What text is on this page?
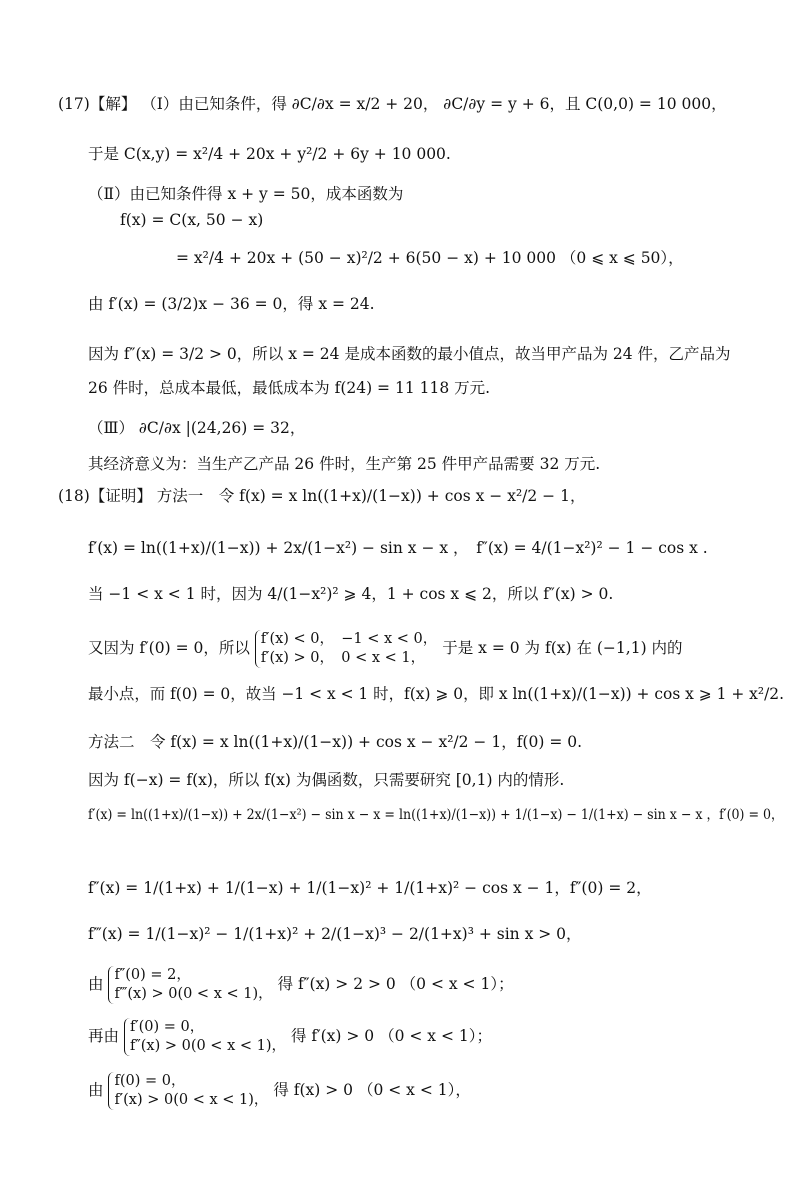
(17)【解】 （Ⅰ）由已知条件，得 ∂C/∂x = x/2 + 20， ∂C/∂y = y + 6，且 C(0,0) = 10 000，
于是 C(x,y) = x²/4 + 20x + y²/2 + 6y + 10 000.
（Ⅱ）由已知条件得 x + y = 50，成本函数为
f(x) = C(x, 50 − x)
= x²/4 + 20x + (50 − x)²/2 + 6(50 − x) + 10 000 （0 ⩽ x ⩽ 50），
由 f′(x) = (3/2)x − 36 = 0，得 x = 24.
因为 f″(x) = 3/2 > 0，所以 x = 24 是成本函数的最小值点，故当甲产品为 24 件，乙产品为
26 件时，总成本最低，最低成本为 f(24) = 11 118 万元.
（Ⅲ） ∂C/∂x |(24,26) = 32，
其经济意义为：当生产乙产品 26 件时，生产第 25 件甲产品需要 32 万元.
(18)【证明】 方法一　令 f(x) = x ln((1+x)/(1−x)) + cos x − x²/2 − 1，
f′(x) = ln((1+x)/(1−x)) + 2x/(1−x²) − sin x − x ，　f″(x) = 4/(1−x²)² − 1 − cos x .
当 −1 < x < 1 时，因为 4/(1−x²)² ⩾ 4，1 + cos x ⩽ 2，所以 f″(x) > 0.
又因为 f′(0) = 0，所以 f′(x) < 0，　−1 < x < 0，
f′(x) > 0，　0 < x < 1，
于是 x = 0 为 f(x) 在 (−1,1) 内的
最小点，而 f(0) = 0，故当 −1 < x < 1 时，f(x) ⩾ 0，即 x ln((1+x)/(1−x)) + cos x ⩾ 1 + x²/2.
方法二　令 f(x) = x ln((1+x)/(1−x)) + cos x − x²/2 − 1，f(0) = 0.
因为 f(−x) = f(x)，所以 f(x) 为偶函数，只需要研究 [0,1) 内的情形.
f′(x) = ln((1+x)/(1−x)) + 2x/(1−x²) − sin x − x = ln((1+x)/(1−x)) + 1/(1−x) − 1/(1+x) − sin x − x ，f′(0) = 0，
f″(x) = 1/(1+x) + 1/(1−x) + 1/(1−x)² + 1/(1+x)² − cos x − 1，f″(0) = 2，
f‴(x) = 1/(1−x)² − 1/(1+x)² + 2/(1−x)³ − 2/(1+x)³ + sin x > 0，
由 f″(0) = 2，
f‴(x) > 0(0 < x < 1)，
得 f″(x) > 2 > 0 （0 < x < 1）；
再由 f′(0) = 0，
f″(x) > 0(0 < x < 1)，
得 f′(x) > 0 （0 < x < 1）；
由 f(0) = 0，
f′(x) > 0(0 < x < 1)，
得 f(x) > 0 （0 < x < 1），
